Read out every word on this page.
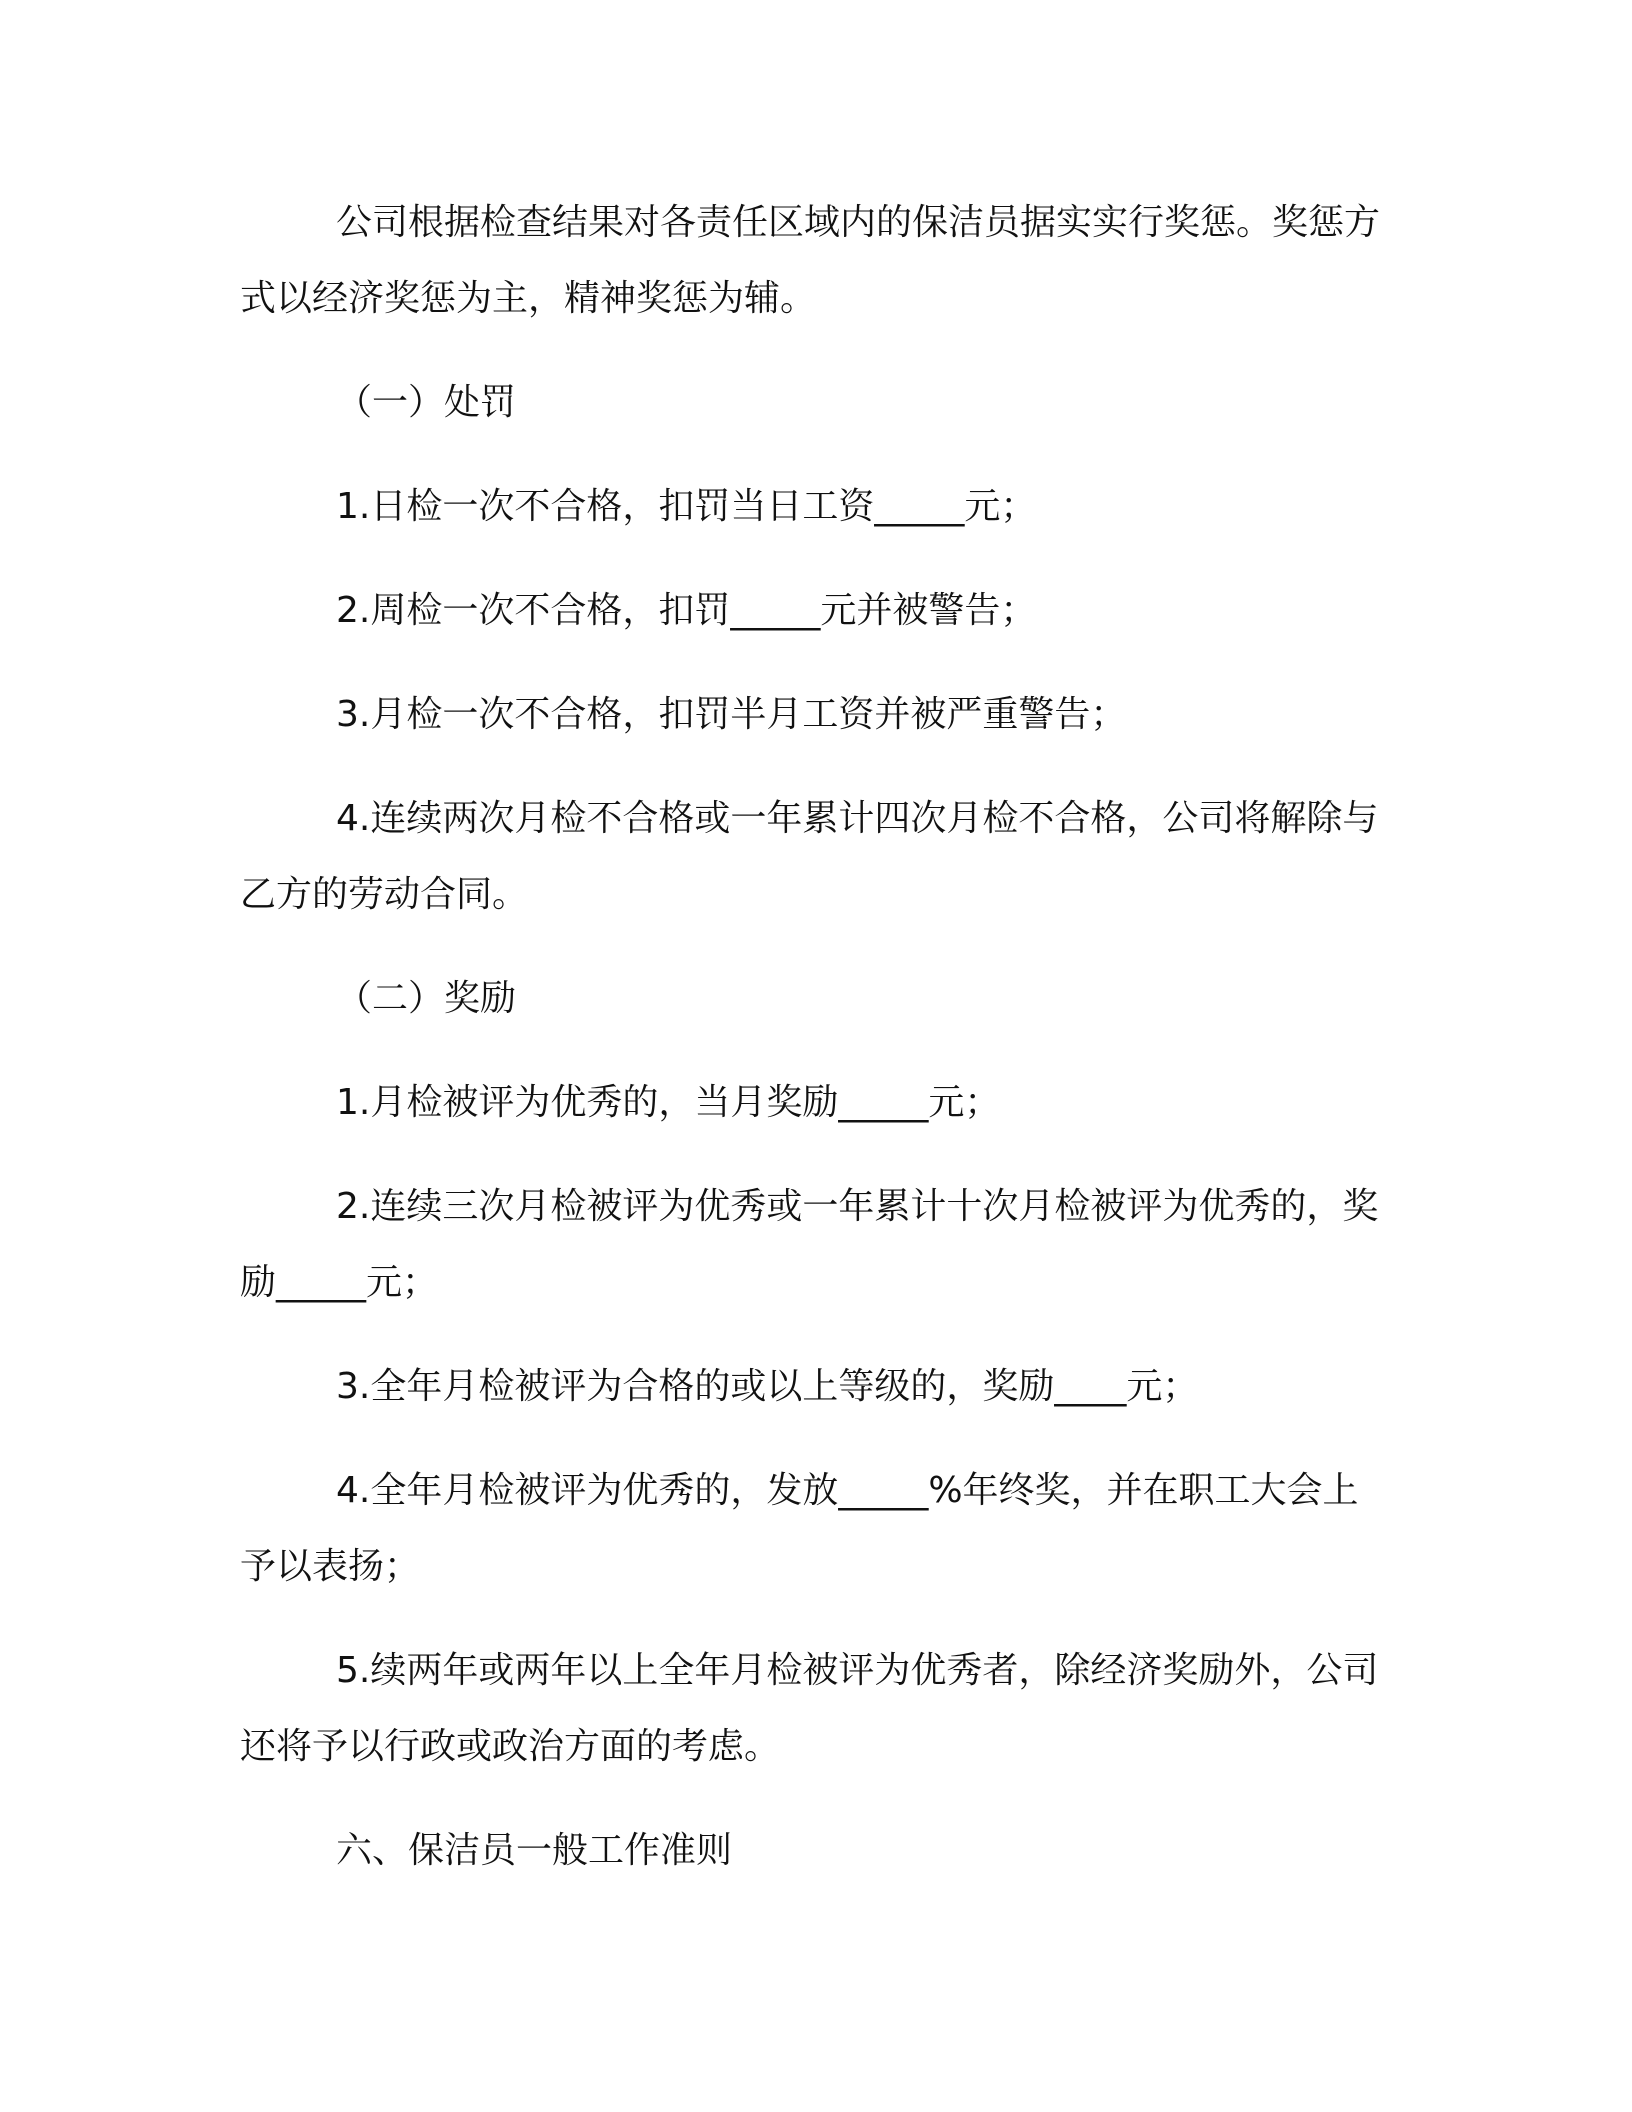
公司根据检查结果对各责任区域内的保洁员据实实行奖惩。奖惩方式以经济奖惩为主，精神奖惩为辅。

（一）处罚

1.日检一次不合格，扣罚当日工资_____元；

2.周检一次不合格，扣罚_____元并被警告；

3.月检一次不合格，扣罚半月工资并被严重警告；

4.连续两次月检不合格或一年累计四次月检不合格，公司将解除与乙方的劳动合同。

（二）奖励

1.月检被评为优秀的，当月奖励_____元；

2.连续三次月检被评为优秀或一年累计十次月检被评为优秀的，奖励_____元；

3.全年月检被评为合格的或以上等级的，奖励____元；

4.全年月检被评为优秀的，发放_____%年终奖，并在职工大会上予以表扬；

5.续两年或两年以上全年月检被评为优秀者，除经济奖励外，公司还将予以行政或政治方面的考虑。

六、保洁员一般工作准则
